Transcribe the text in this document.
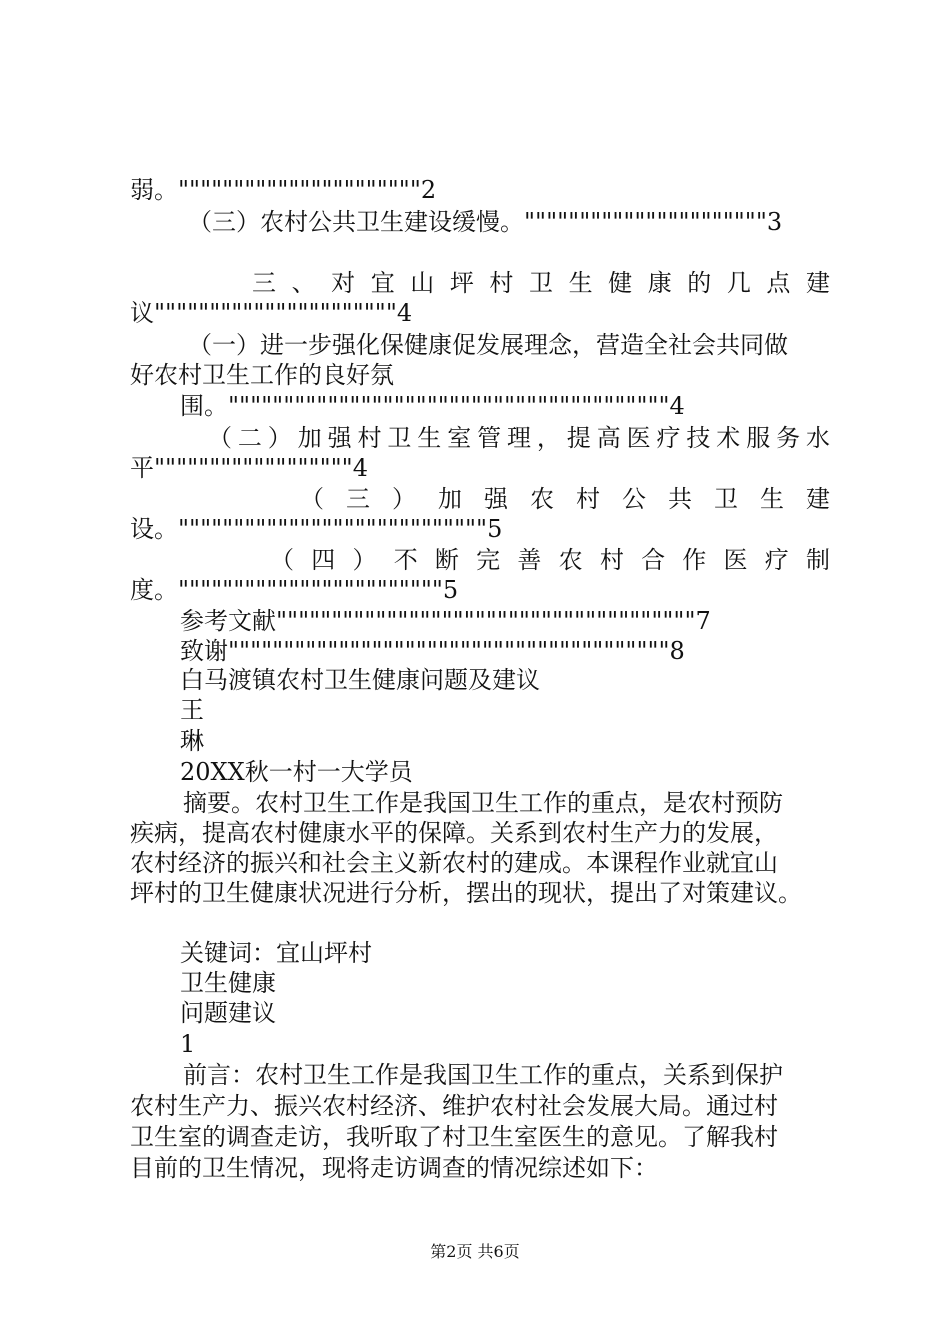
弱。""""""""""""""""""""""2
（三）农村公共卫生建设缓慢。""""""""""""""""""""""3
三、对宜山坪村卫生健康的几点建
议""""""""""""""""""""""4
（一）进一步强化保健康促发展理念，营造全社会共同做
好农村卫生工作的良好氛
围。""""""""""""""""""""""""""""""""""""""""4
（二）加强村卫生室管理，提高医疗技术服务水
平""""""""""""""""""4
（三）加强农村公共卫生建
设。""""""""""""""""""""""""""""5
（四）不断完善农村合作医疗制
度。""""""""""""""""""""""""5
参考文献""""""""""""""""""""""""""""""""""""""7
致谢""""""""""""""""""""""""""""""""""""""""8
白马渡镇农村卫生健康问题及建议
王
琳
20XX秋一村一大学员
摘要。农村卫生工作是我国卫生工作的重点，是农村预防
疾病，提高农村健康水平的保障。关系到农村生产力的发展，
农村经济的振兴和社会主义新农村的建成。本课程作业就宜山
坪村的卫生健康状况进行分析，摆出的现状，提出了对策建议。
关键词：宜山坪村
卫生健康
问题建议
1
前言：农村卫生工作是我国卫生工作的重点，关系到保护
农村生产力、振兴农村经济、维护农村社会发展大局。通过村
卫生室的调查走访，我听取了村卫生室医生的意见。了解我村
目前的卫生情况，现将走访调查的情况综述如下：
第2页 共6页
